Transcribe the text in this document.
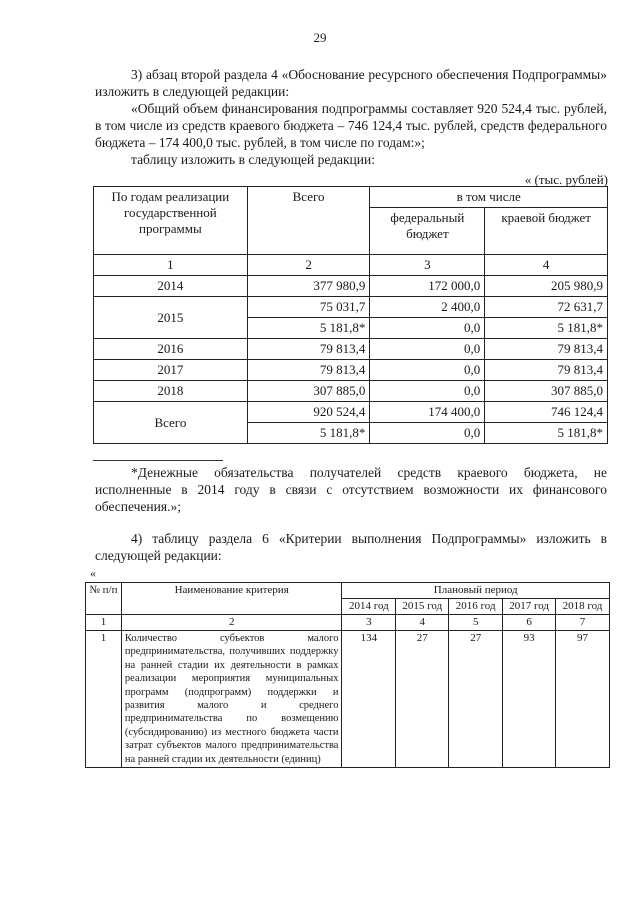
29
3) абзац второй раздела 4 «Обоснование ресурсного обеспечения Подпрограммы» изложить в следующей редакции:
«Общий объем финансирования подпрограммы составляет 920 524,4 тыс. рублей, в том числе из средств краевого бюджета – 746 124,4 тыс. рублей, средств федерального бюджета – 174 400,0 тыс. рублей, в том числе по годам:»;
таблицу изложить в следующей редакции:
« (тыс. рублей)
По годам реализации государственной программы	Всего	в том числе	
		федеральный бюджет	краевой бюджет
1	2	3	4
2014	377 980,9	172 000,0	205 980,9
2015	75 031,7	2 400,0	72 631,7
	5 181,8*	0,0	5 181,8*
2016	79 813,4	0,0	79 813,4
2017	79 813,4	0,0	79 813,4
2018	307 885,0	0,0	307 885,0
Всего	920 524,4	174 400,0	746 124,4
	5 181,8*	0,0	5 181,8*
*Денежные обязательства получателей средств краевого бюджета, не исполненные в 2014 году в связи с отсутствием возможности их финансового обеспечения.»;
4) таблицу раздела 6 «Критерии выполнения Подпрограммы» изложить в следующей редакции:
«
№ п/п	Наименование критерия	Плановый период				
		2014 год	2015 год	2016 год	2017 год	2018 год
1	2	3	4	5	6	7
1	Количество субъектов малого предпринимательства, получивших поддержку на ранней стадии их деятельности в рамках реализации мероприятия муниципальных программ (подпрограмм) поддержки и развития малого и среднего предпринимательства по возмещению (субсидированию) из местного бюджета части затрат субъектов малого предпринимательства на ранней стадии их деятельности (единиц)	134	27	27	93	97
